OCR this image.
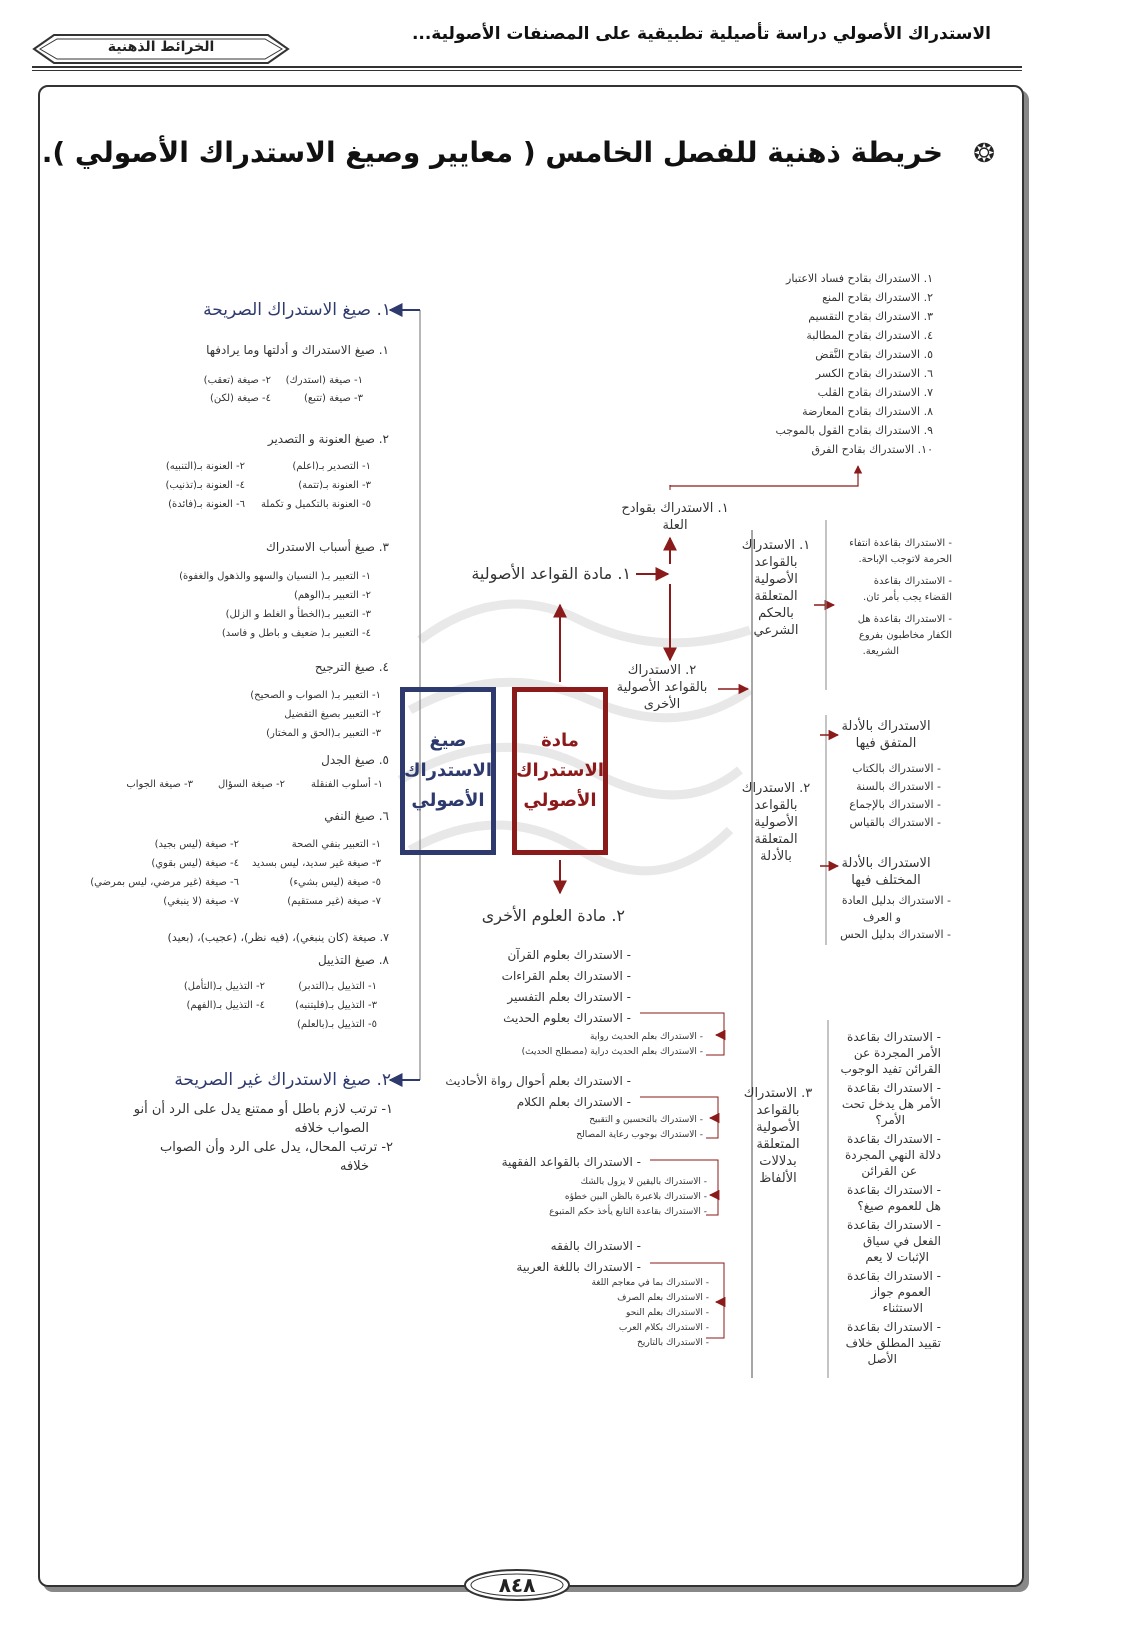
الاستدراك الأصولي دراسة تأصيلية تطبيقية على المصنفات الأصولية...
الخرائط الذهنية
❂
خريطة ذهنية للفصل الخامس ( معايير وصيغ الاستدراك الأصولي ).
مادة
الاستدراك
الأصولي
صيغ
الاستدراك
الأصولي
١. الاستدراك بقادح فساد الاعتبار
٢. الاستدراك بقادح المنع
٣. الاستدراك بقادح التقسيم
٤. الاستدراك بقادح المطالبة
٥. الاستدراك بقادح النَّقض
٦. الاستدراك بقادح الكسر
٧. الاستدراك بقادح القلب
٨. الاستدراك بقادح المعارضة
٩. الاستدراك بقادح القول بالموجب
١٠. الاستدراك بقادح الفرق
١. مادة القواعد الأصولية
١. الاستدراك بقوادح العلة
٢. الاستدراك بالقواعد الأصولية الأخرى
١. الاستدراك بالقواعد الأصولية المتعلقة بالحكم الشرعي
- الاستدراك بقاعدة انتفاء
الحرمة لاتوجب الإباحة.
- الاستدراك بقاعدة
القضاء يجب بأمر ثان.
- الاستدراك بقاعدة هل
الكفار مخاطبون بفروع
الشريعة.
٢. الاستدراك بالقواعد الأصولية المتعلقة بالأدلة
الاستدراك بالأدلة المتفق فيها
- الاستدراك بالكتاب
- الاستدراك بالسنة
- الاستدراك بالإجماع
- الاستدراك بالقياس
الاستدراك بالأدلة المختلف فيها
- الاستدراك بدليل العادة
و العرف
- الاستدراك بدليل الحس
٣. الاستدراك بالقواعد الأصولية المتعلقة بدلالات الألفاظ
- الاستدراك بقاعدة
الأمر المجردة عن
القرائن تفيد الوجوب
- الاستدراك بقاعدة
الأمر هل يدخل تحت
الأمر؟
- الاستدراك بقاعدة
دلالة النهي المجردة
عن القرائن
- الاستدراك بقاعدة
هل للعموم صيغ؟
- الاستدراك بقاعدة
الفعل في سياق
الإثبات لا يعم
- الاستدراك بقاعدة
العموم جواز
الاستثناء
- الاستدراك بقاعدة
تقييد المطلق خلاف
الأصل
٢. مادة العلوم الأخرى
- الاستدراك بعلوم القرآن
- الاستدراك بعلم القراءات
- الاستدراك بعلم التفسير
- الاستدراك بعلوم الحديث
- الاستدراك بعلم الحديث رواية
- الاستدراك بعلم الحديث دراية (مصطلح الحديث)
- الاستدراك بعلم أحوال رواة الأحاديث
- الاستدراك بعلم الكلام
- الاستدراك بالتحسين و التقبيح
- الاستدراك بوجوب رعاية المصالح
- الاستدراك بالقواعد الفقهية
- الاستدراك باليقين لا يزول بالشك
- الاستدراك بلاعبرة بالظن البين خطؤه
- الاستدراك بقاعدة التابع يأخذ حكم المتبوع
- الاستدراك بالفقه
- الاستدراك باللغة العربية
- الاستدراك بما في معاجم اللغة
- الاستدراك بعلم الصرف
- الاستدراك بعلم النحو
- الاستدراك بكلام العرب
- الاستدراك بالتاريخ
١. صيغ الاستدراك الصريحة
١. صيغ الاستدراك و أدلتها وما يرادفها
١- صيغة (استدرك)
٢- صيغة (تعقب)
٣- صيغة (تتبع)
٤- صيغة (لكن)
٢. صيغ العنونة و التصدير
١- التصدير بـ(اعلم)
٢- العنونة بـ(التنبيه)
٣- العنونة بـ(تتمة)
٤- العنونة بـ(تذنيب)
٥- العنونة بالتكميل و تكملة
٦- العنونة بـ(فائدة)
٣. صيغ أسباب الاستدراك
١- التعبير بـ( النسيان والسهو والذهول والغفوة)
٢- التعبير بـ(الوهم)
٣- التعبير بـ(الخطأ و الغلط و الزلل)
٤- التعبير بـ( ضعيف و باطل و فاسد)
٤. صيغ الترجيح
١- التعبير بـ( الصواب و الصحيح)
٢- التعبير بصيغ التفضيل
٣- التعبير بـ(الحق و المختار)
٥. صيغ الجدل
١- أسلوب الفنقلة
٢- صيغة السؤال
٣- صيغة الجواب
٦. صيغ النفي
١- التعبير بنفي الصحة
٢- صيغة (ليس بجيد)
٣- صيغة غير سديد، ليس بسديد
٤- صيغة (ليس بقوي)
٥- صيغة (ليس بشيء)
٦- صيغة (غير مرضي، ليس بمرضي)
٧- صيغة (غير مستقيم)
٧- صيغة (لا ينبغي)
٧. صيغة (كان ينبغي)، (فيه نظر)، (عجيب)، (بعيد)
٨. صيغ التذييل
١- التذييل بـ(التدبر)
٢- التذييل بـ(التأمل)
٣- التذييل بـ(فليتنبه)
٤- التذييل بـ(الفهم)
٥- التذييل بـ(بالعلم)
٢. صيغ الاستدراك غير الصريحة
١- ترتب لازم باطل أو ممتنع يدل على الرد أن أنو
الصواب خلافه
٢- ترتب المحال، يدل على الرد وأن الصواب
خلافه
٨٤٨
